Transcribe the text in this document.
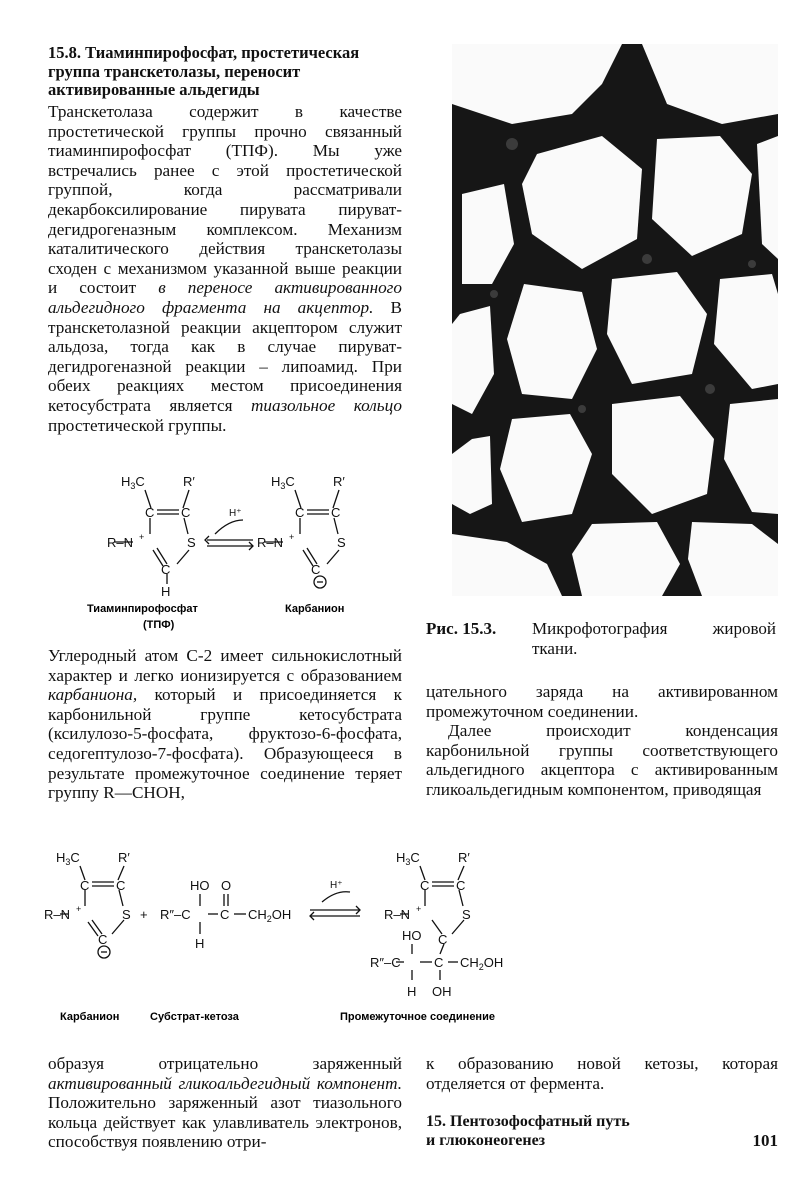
15.8. Тиаминпирофосфат, простетическая
группа транскетолазы, переносит
активированные альдегиды

Транскетолаза содержит в качестве простетической группы прочно связанный тиаминпирофосфат (ТПФ). Мы уже встречались ранее с этой простетической группой, когда рассматривали декарбоксилирование пирувата пируват-дегидрогеназным комплексом. Механизм каталитического действия транскетолазы сходен с механизмом указанной выше реакции и состоит в переносе активированного альдегидного фрагмента на акцептор. В транскетолазной реакции акцептором служит альдоза, тогда как в случае пируват-дегидрогеназной реакции – липоамид. При обеих реакциях местом присоединения кетосубстрата является тиазольное кольцо простетической группы.

$H_3C$	R′
C C
R–N +	S
C
H
$H_3C$	R′
C C
R–N +	S
C
H⁺
Тиаминпирофосфат
(ТПФ)
Карбанион

Углеродный атом С-2 имеет сильнокислотный характер и легко ионизируется с образованием карбаниона, который и присоединяется к карбонильной группе кетосубстрата (ксилулозо-5-фосфата, фруктозо-6-фосфата, седогептулозо-7-фосфата). Образующееся в результате промежуточное соединение теряет группу R—CHOH,

Рис. 15.3. Микрофотография жировой ткани.

цательного заряда на активированном промежуточном соединении.

Далее происходит конденсация карбонильной группы соответствующего альдегидного акцептора с активированным гликоальдегидным компонентом, приводящая

$H_3C$	R′
C C
R–N +	S
C
+
HO O
R″–C C $CH_2OH$
H
H⁺
$H_3C$	R′
C C
R–N +	S
C
HO
R″–C	C $CH_2OH$
H OH
Карбанион	Субстрат-кетоза	Промежуточное соединение

образуя отрицательно заряженный активированный гликоальдегидный компонент. Положительно заряженный азот тиазольного кольца действует как улавливатель электронов, способствуя появлению отри-

к образованию новой кетозы, которая отделяется от фермента.

15. Пентозофосфатный путь
и глюконеогенез	101
